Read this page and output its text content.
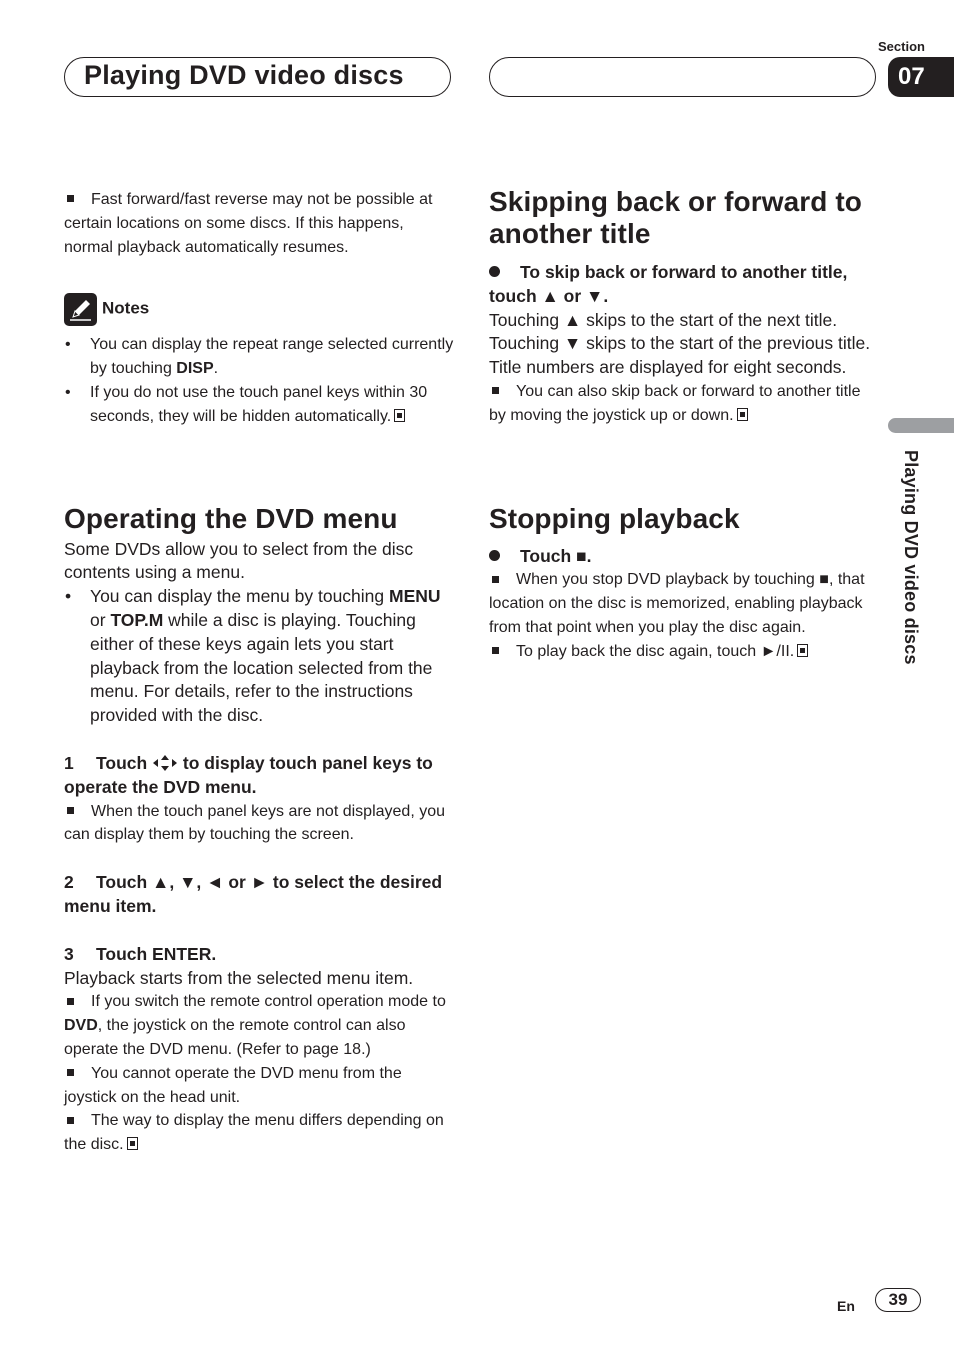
Playing DVD video discs
Section
07
Playing DVD video discs

Fast forward/fast reverse may not be possible at certain locations on some discs. If this happens, normal playback automatically resumes.

Notes

• You can display the repeat range selected currently by touching DISP.

• If you do not use the touch panel keys within 30 seconds, they will be hidden automatically.

Operating the DVD menu

Some DVDs allow you to select from the disc contents using a menu.

• You can display the menu by touching MENU or TOP.M while a disc is playing. Touching either of these keys again lets you start playback from the location selected from the menu. For details, refer to the instructions provided with the disc.

1 Touch  to display touch panel keys to operate the DVD menu.

When the touch panel keys are not displayed, you can display them by touching the screen.

2 Touch ▲, ▼, ◄ or ► to select the desired menu item.

3 Touch ENTER.

Playback starts from the selected menu item.

If you switch the remote control operation mode to DVD, the joystick on the remote control can also operate the DVD menu. (Refer to page 18.)

You cannot operate the DVD menu from the joystick on the head unit.

The way to display the menu differs depending on the disc.

Skipping back or forward to another title

To skip back or forward to another title, touch ▲ or ▼.

Touching ▲ skips to the start of the next title.

Touching ▼ skips to the start of the previous title.

Title numbers are displayed for eight seconds.

You can also skip back or forward to another title by moving the joystick up or down.

Stopping playback

Touch ■.

When you stop DVD playback by touching ■, that location on the disc is memorized, enabling playback from that point when you play the disc again.

To play back the disc again, touch ►/II.

En	39
